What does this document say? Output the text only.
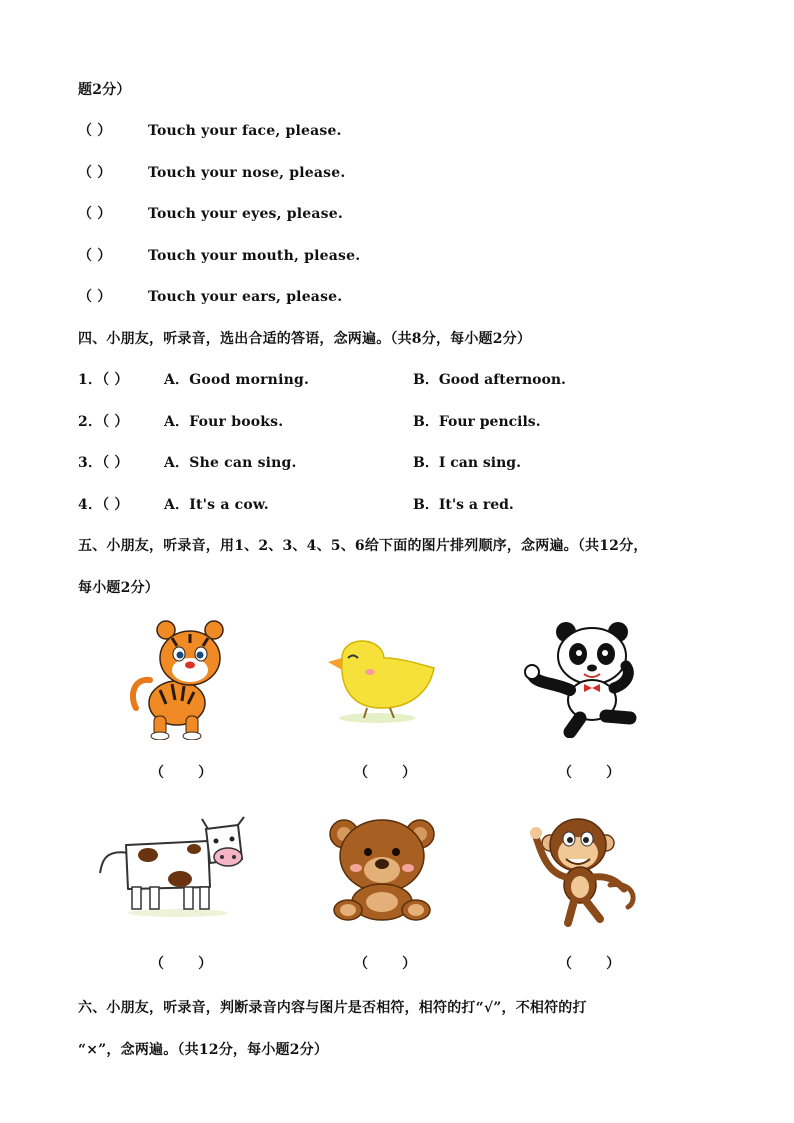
题2分）
（ ）	Touch your face, please.
（ ）	Touch your nose, please.
（ ）	Touch your eyes, please.
（ ）	Touch your mouth, please.
（ ）	Touch your ears, please.
四、小朋友，听录音，选出合适的答语，念两遍。（共8分，每小题2分）
1．（ ）	A．Good morning.	B．Good afternoon.
2．（ ）	A．Four books.	B．Four pencils.
3．（ ）	A．She can sing.	B．I can sing.
4．（ ）	A．It's a cow.	B．It's a red.
五、小朋友，听录音，用1、2、3、4、5、6给下面的图片排列顺序，念两遍。（共12分，
每小题2分）
（       ）	（       ）	（       ）
（       ）	（       ）	（       ）
六、小朋友，听录音，判断录音内容与图片是否相符，相符的打“√”，不相符的打
“×”，念两遍。（共12分，每小题2分）
